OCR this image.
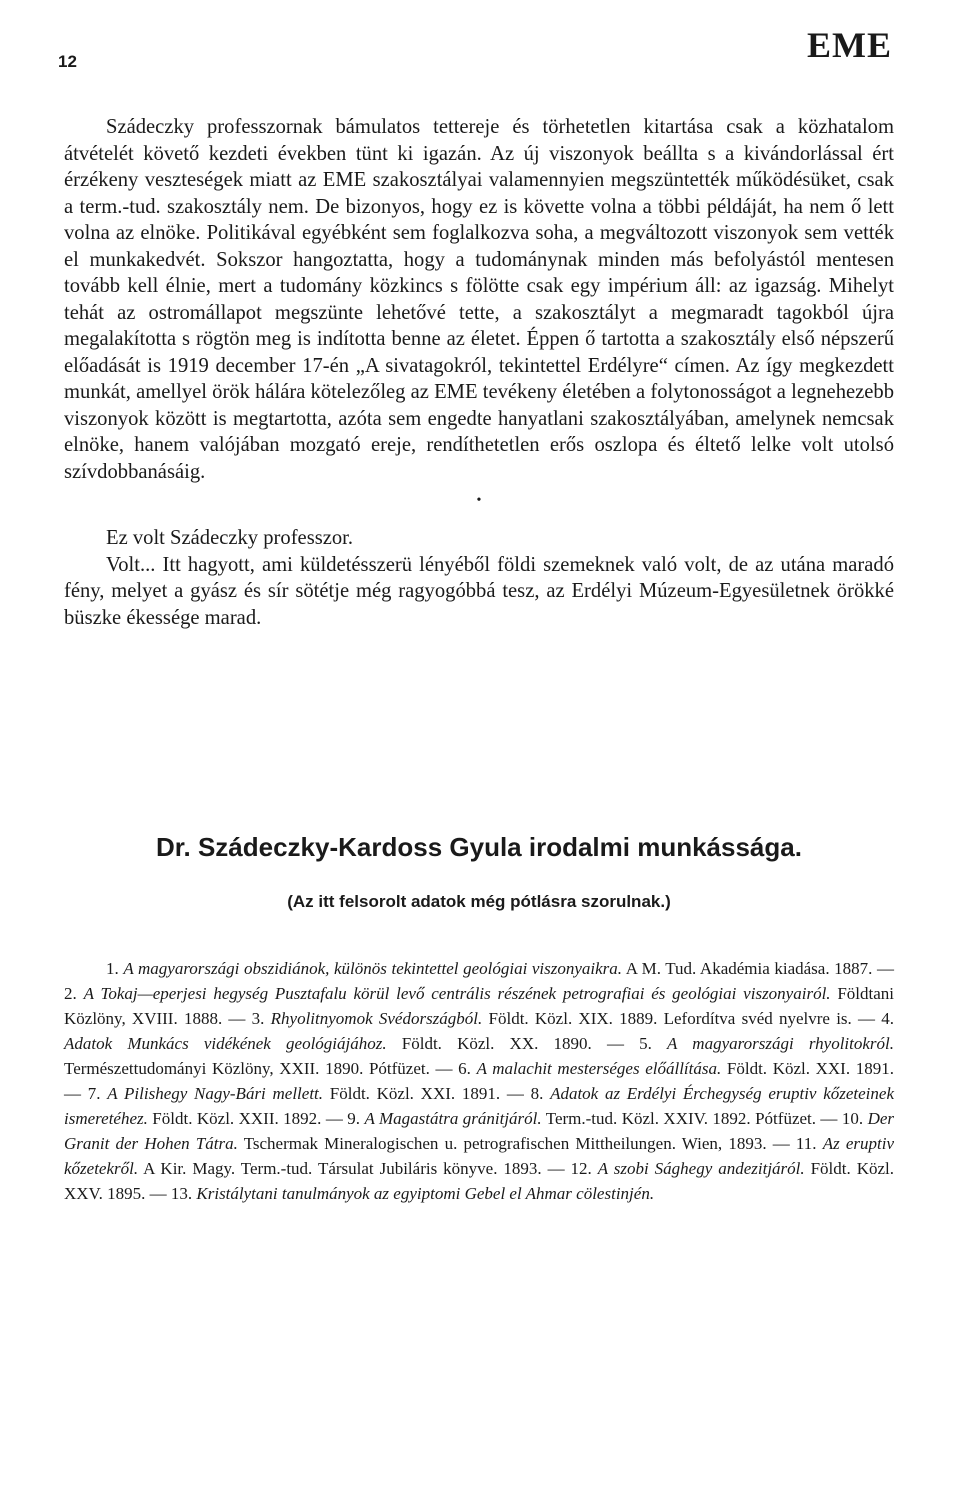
12	EME

Szádeczky professzornak bámulatos tettereje és törhetetlen kitartása csak a közhatalom átvételét követő kezdeti években tünt ki igazán. Az új viszonyok beállta s a kivándorlással ért érzékeny veszteségek miatt az EME szakosztályai valamennyien megszüntették működésüket, csak a term.-tud. szakosztály nem. De bizonyos, hogy ez is követte volna a többi példáját, ha nem ő lett volna az elnöke. Politikával egyébként sem foglalkozva soha, a megváltozott viszonyok sem vették el munkakedvét. Sokszor hangoztatta, hogy a tudománynak minden más befolyástól mentesen tovább kell élnie, mert a tudomány közkincs s fölötte csak egy impérium áll: az igazság. Mihelyt tehát az ostromállapot megszünte lehetővé tette, a szakosztályt a megmaradt tagokból újra megalakította s rögtön meg is indította benne az életet. Éppen ő tartotta a szakosztály első népszerű előadását is 1919 december 17-én „A sivatagokról, tekintettel Erdélyre“ címen. Az így megkezdett munkát, amellyel örök hálára kötelezőleg az EME tevékeny életében a folytonosságot a legnehezebb viszonyok között is megtartotta, azóta sem engedte hanyatlani szakosztályában, amelynek nemcsak elnöke, hanem valójában mozgató ereje, rendíthetetlen erős oszlopa és éltető lelke volt utolsó szívdobbanásáig.

•

Ez volt Szádeczky professzor.

Volt... Itt hagyott, ami küldetésszerü lényéből földi szemeknek való volt, de az utána maradó fény, melyet a gyász és sír sötétje még ragyogóbbá tesz, az Erdélyi Múzeum-Egyesületnek örökké büszke ékessége marad.

Dr. Szádeczky-Kardoss Gyula irodalmi munkássága.
(Az itt felsorolt adatok még pótlásra szorulnak.)

1. A magyarországi obszidiánok, különös tekintettel geológiai viszonyaikra. A M. Tud. Akadémia kiadása. 1887. — 2. A Tokaj—eperjesi hegység Pusztafalu körül levő centrális részének petrografiai és geológiai viszonyairól. Földtani Közlöny, XVIII. 1888. — 3. Rhyolitnyomok Svédországból. Földt. Közl. XIX. 1889. Lefordítva svéd nyelvre is. — 4. Adatok Munkács vidékének geológiájához. Földt. Közl. XX. 1890. — 5. A magyarországi rhyolitokról. Természettudományi Közlöny, XXII. 1890. Pótfüzet. — 6. A malachit mesterséges előállítása. Földt. Közl. XXI. 1891. — 7. A Pilishegy Nagy-Bári mellett. Földt. Közl. XXI. 1891. — 8. Adatok az Erdélyi Érchegység eruptiv kőzeteinek ismeretéhez. Földt. Közl. XXII. 1892. — 9. A Magastátra gránitjáról. Term.-tud. Közl. XXIV. 1892. Pótfüzet. — 10. Der Granit der Hohen Tátra. Tschermak Mineralogischen u. petrografischen Mittheilungen. Wien, 1893. — 11. Az eruptiv kőzetekről. A Kir. Magy. Term.-tud. Társulat Jubiláris könyve. 1893. — 12. A szobi Sághegy andezitjáról. Földt. Közl. XXV. 1895. — 13. Kristálytani tanulmányok az egyiptomi Gebel el Ahmar cölestinjén.
